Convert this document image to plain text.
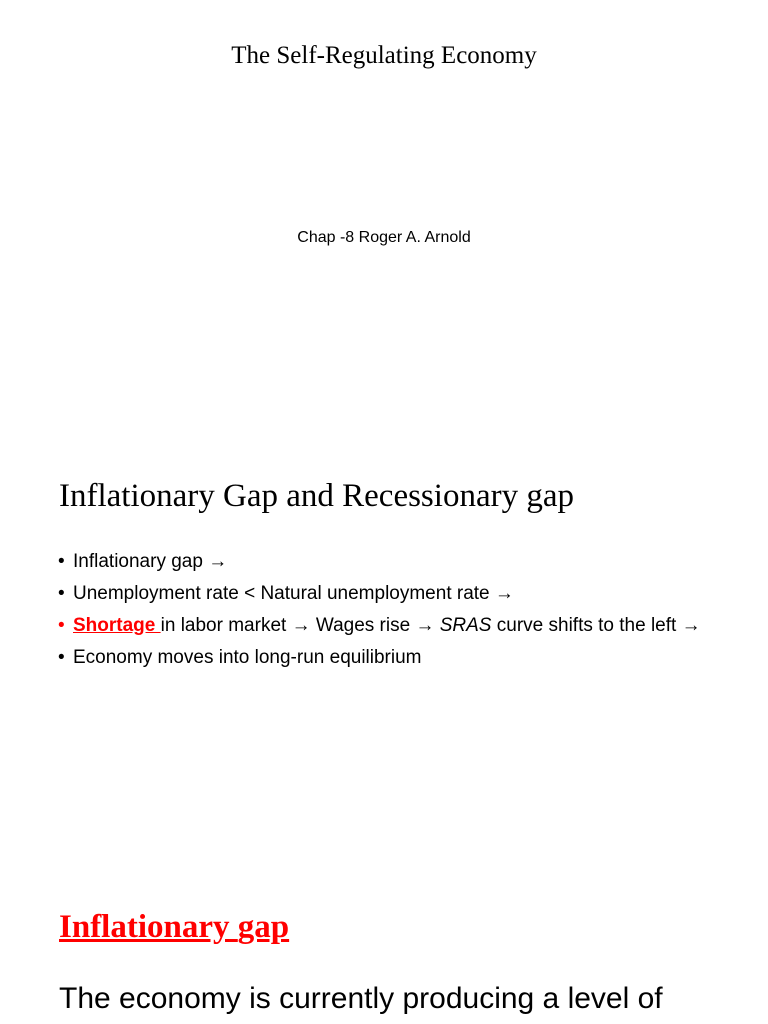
The Self-Regulating Economy
Chap -8 Roger A. Arnold
Inflationary Gap and Recessionary gap
• Inflationary gap →
• Unemployment rate < Natural unemployment rate →
• Shortage in labor market → Wages rise → SRAS curve shifts to the left →
• Economy moves into long-run equilibrium
Inflationary gap
The economy is currently producing a level of
